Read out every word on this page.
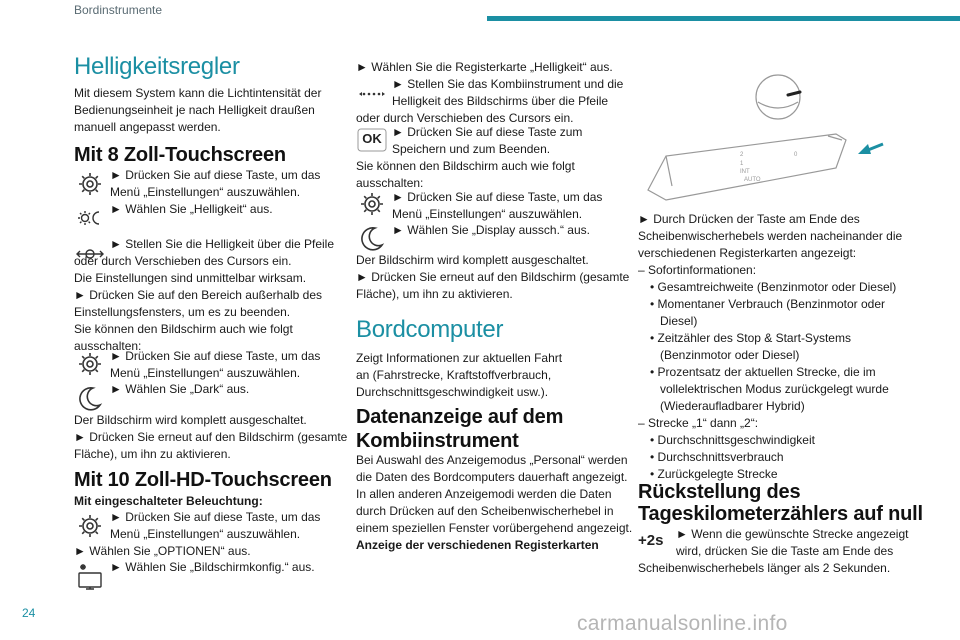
Bordinstrumente
Helligkeitsregler
Mit diesem System kann die Lichtintensität der
Bedienungseinheit je nach Helligkeit draußen
manuell angepasst werden.
Mit 8 Zoll-Touchscreen
► Drücken Sie auf diese Taste, um das
Menü „Einstellungen“ auszuwählen.
► Wählen Sie „Helligkeit“ aus.
► Stellen Sie die Helligkeit über die Pfeile
oder durch Verschieben des Cursors ein.
Die Einstellungen sind unmittelbar wirksam.
► Drücken Sie auf den Bereich außerhalb des
Einstellungsfensters, um es zu beenden.
Sie können den Bildschirm auch wie folgt
ausschalten:
► Drücken Sie auf diese Taste, um das
Menü „Einstellungen“ auszuwählen.
► Wählen Sie „Dark“ aus.
Der Bildschirm wird komplett ausgeschaltet.
► Drücken Sie erneut auf den Bildschirm (gesamte
Fläche), um ihn zu aktivieren.
Mit 10 Zoll-HD-Touchscreen
Mit eingeschalteter Beleuchtung:
► Drücken Sie auf diese Taste, um das
Menü „Einstellungen“ auszuwählen.
► Wählen Sie „OPTIONEN“ aus.
► Wählen Sie „Bildschirmkonfig.“ aus.
► Wählen Sie die Registerkarte „Helligkeit“ aus.
► Stellen Sie das Kombiinstrument und die
Helligkeit des Bildschirms über die Pfeile
oder durch Verschieben des Cursors ein.
OK ► Drücken Sie auf diese Taste zum
Speichern und zum Beenden.
Sie können den Bildschirm auch wie folgt
ausschalten:
► Drücken Sie auf diese Taste, um das
Menü „Einstellungen“ auszuwählen.
► Wählen Sie „Display aussch.“ aus.
Der Bildschirm wird komplett ausgeschaltet.
► Drücken Sie erneut auf den Bildschirm (gesamte
Fläche), um ihn zu aktivieren.
Bordcomputer
Zeigt Informationen zur aktuellen Fahrt
an (Fahrstrecke, Kraftstoffverbrauch,
Durchschnittsgeschwindigkeit usw.).
Datenanzeige auf dem
Kombiinstrument
Bei Auswahl des Anzeigemodus „Personal“ werden
die Daten des Bordcomputers dauerhaft angezeigt.
In allen anderen Anzeigemodi werden die Daten
durch Drücken auf den Scheibenwischerhebel in
einem speziellen Fenster vorübergehend angezeigt.
Anzeige der verschiedenen Registerkarten
0
2
1
AUTO
INT
► Durch Drücken der Taste am Ende des
Scheibenwischerhebels werden nacheinander die
verschiedenen Registerkarten angezeigt:
– Sofortinformationen:
• Gesamtreichweite (Benzinmotor oder Diesel)
• Momentaner Verbrauch (Benzinmotor oder
Diesel)
• Zeitzähler des Stop & Start-Systems
(Benzinmotor oder Diesel)
• Prozentsatz der aktuellen Strecke, die im
vollelektrischen Modus zurückgelegt wurde
(Wiederaufladbarer Hybrid)
– Strecke „1“ dann „2“:
• Durchschnittsgeschwindigkeit
• Durchschnittsverbrauch
• Zurückgelegte Strecke
Rückstellung des
Tageskilometerzählers auf null
+2s	► Wenn die gewünschte Strecke angezeigt
wird, drücken Sie die Taste am Ende des
Scheibenwischerhebels länger als 2 Sekunden.
24	carmanualsonline.info
